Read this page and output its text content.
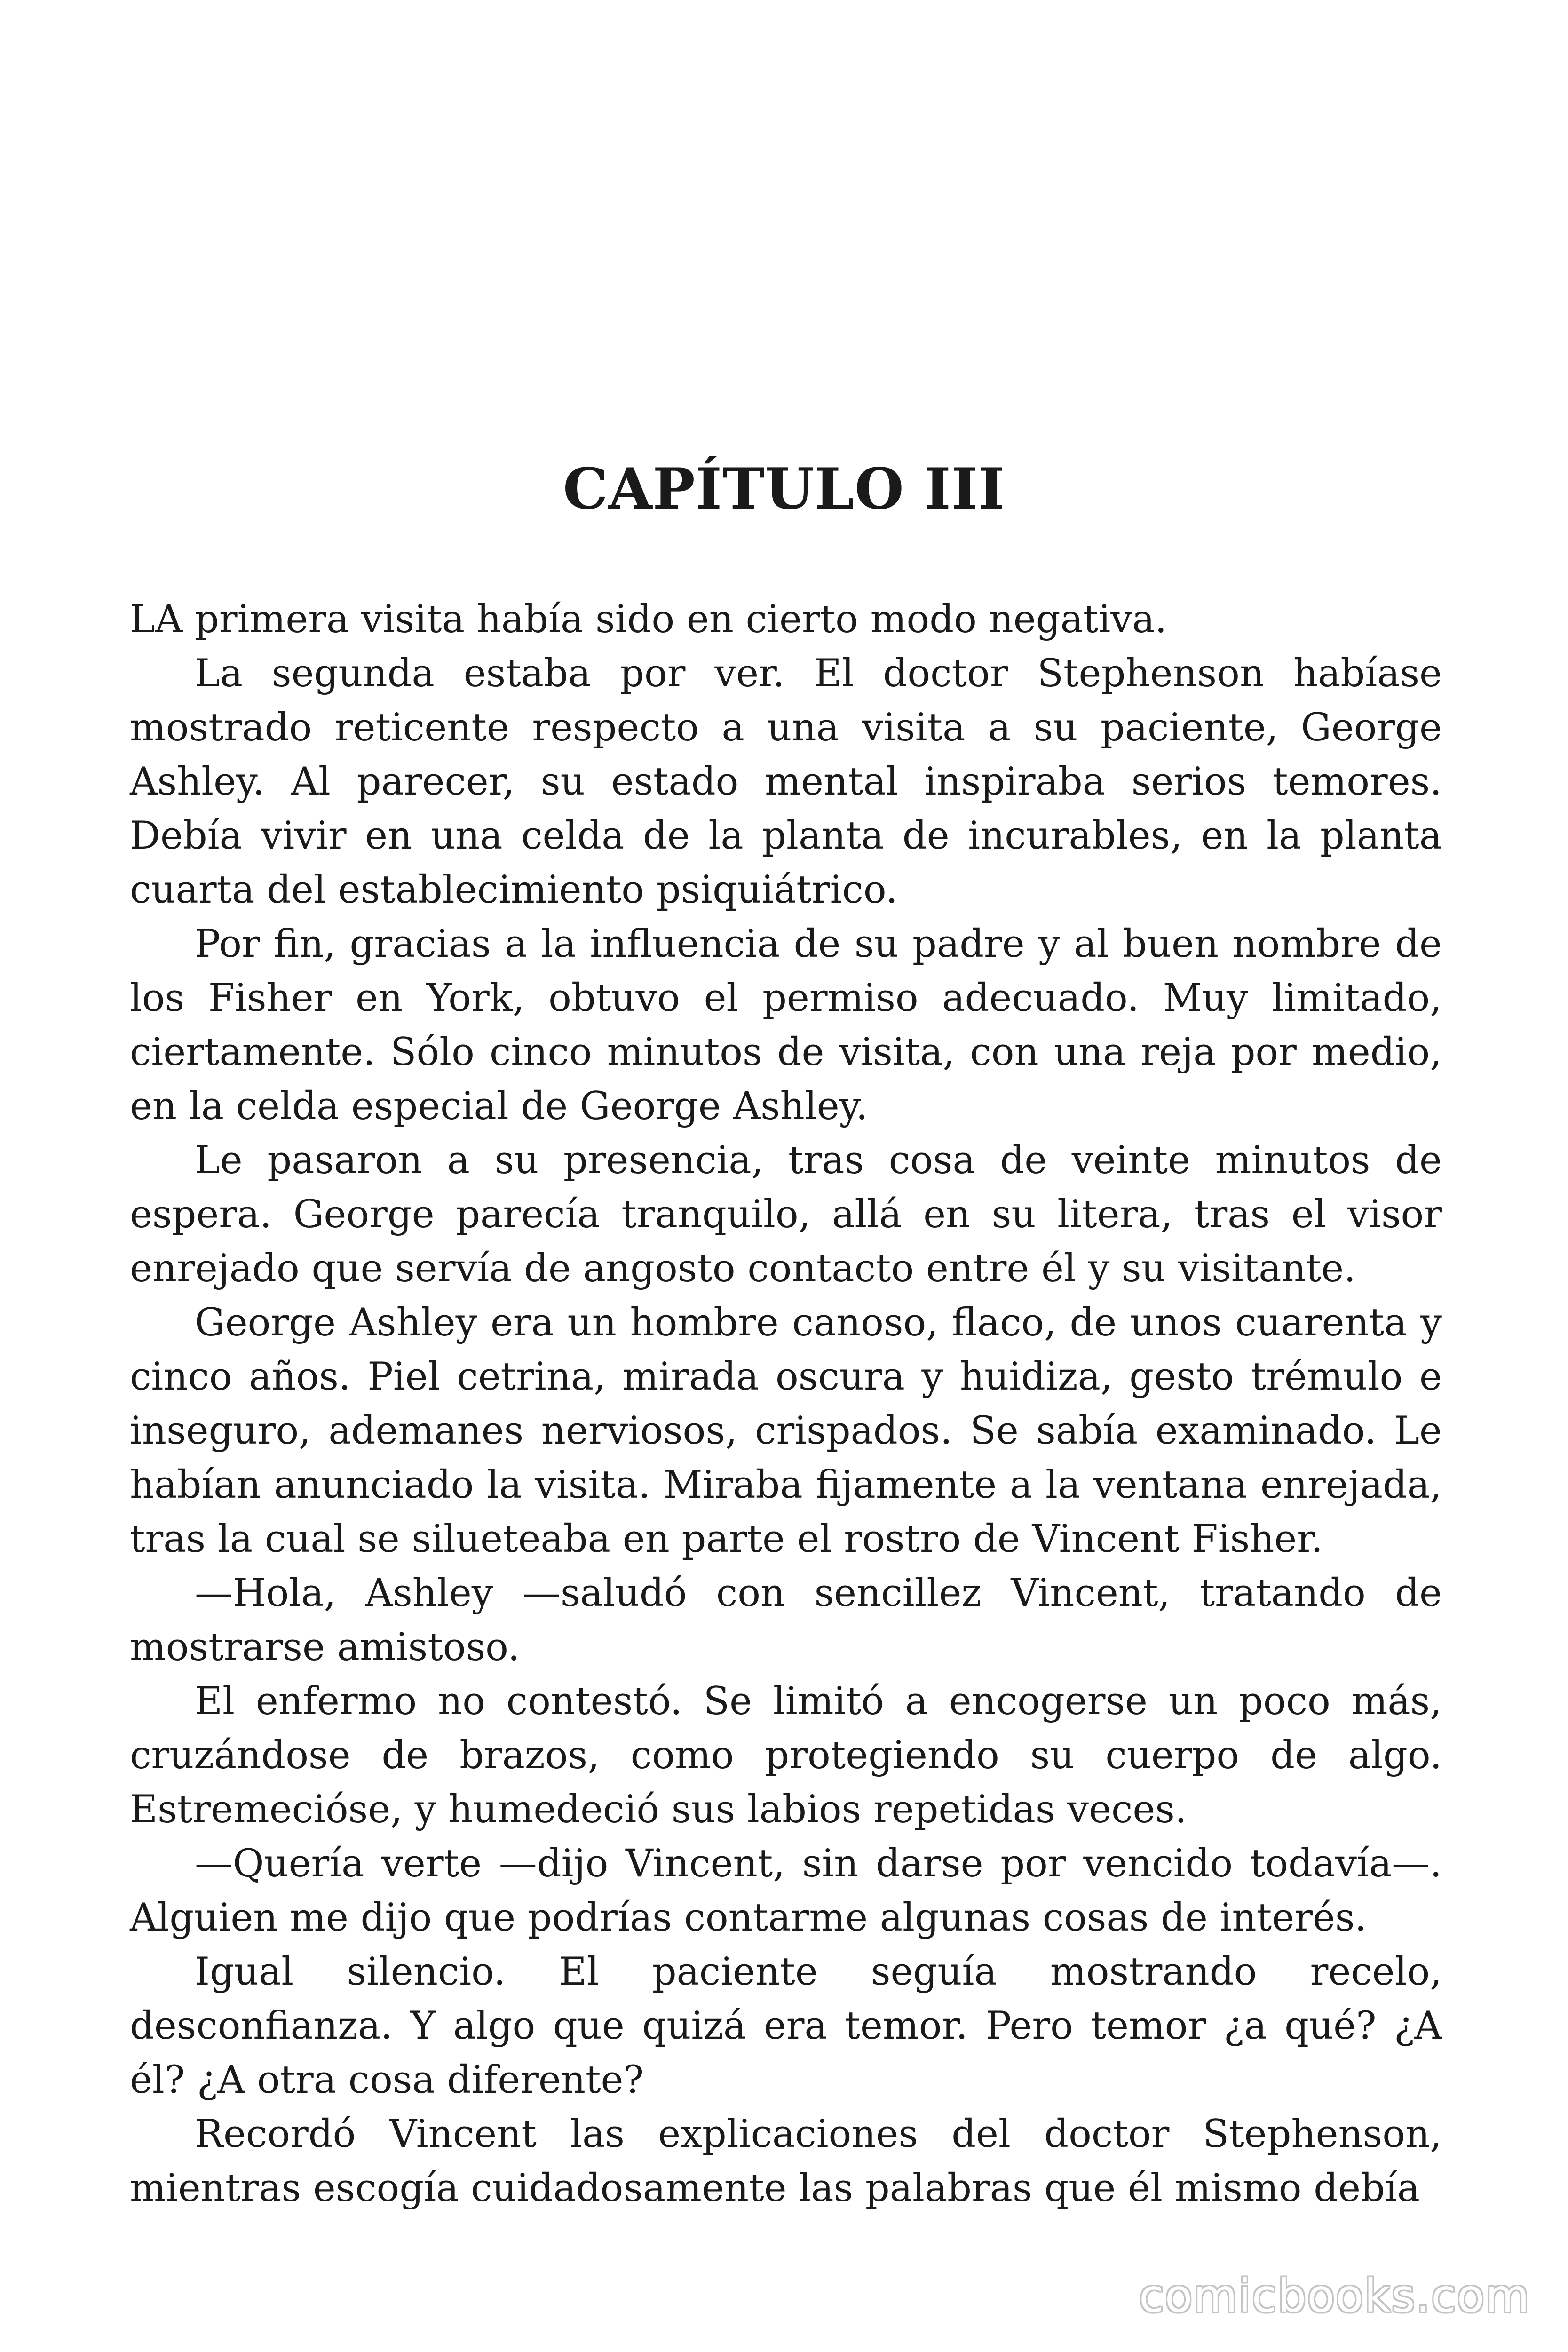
CAPÍTULO III

LA primera visita había sido en cierto modo negativa.

La segunda estaba por ver. El doctor Stephenson habíase mostrado reticente respecto a una visita a su paciente, George Ashley. Al parecer, su estado mental inspiraba serios temores. Debía vivir en una celda de la planta de incurables, en la planta cuarta del establecimiento psiquiátrico.

Por fin, gracias a la influencia de su padre y al buen nombre de los Fisher en York, obtuvo el permiso adecuado. Muy limitado, ciertamente. Sólo cinco minutos de visita, con una reja por medio, en la celda especial de George Ashley.

Le pasaron a su presencia, tras cosa de veinte minutos de espera. George parecía tranquilo, allá en su litera, tras el visor enrejado que servía de angosto contacto entre él y su visitante.

George Ashley era un hombre canoso, flaco, de unos cuarenta y cinco años. Piel cetrina, mirada oscura y huidiza, gesto trémulo e inseguro, ademanes nerviosos, crispados. Se sabía examinado. Le habían anunciado la visita. Miraba fijamente a la ventana enrejada, tras la cual se silueteaba en parte el rostro de Vincent Fisher.

—Hola, Ashley —saludó con sencillez Vincent, tratando de mostrarse amistoso.

El enfermo no contestó. Se limitó a encogerse un poco más, cruzándose de brazos, como protegiendo su cuerpo de algo. Estremecióse, y humedeció sus labios repetidas veces.

—Quería verte —dijo Vincent, sin darse por vencido todavía—. Alguien me dijo que podrías contarme algunas cosas de interés.

Igual silencio. El paciente seguía mostrando recelo, desconfianza. Y algo que quizá era temor. Pero temor ¿a qué? ¿A él? ¿A otra cosa diferente?

Recordó Vincent las explicaciones del doctor Stephenson, mientras escogía cuidadosamente las palabras que él mismo debía

comicbooks.com
